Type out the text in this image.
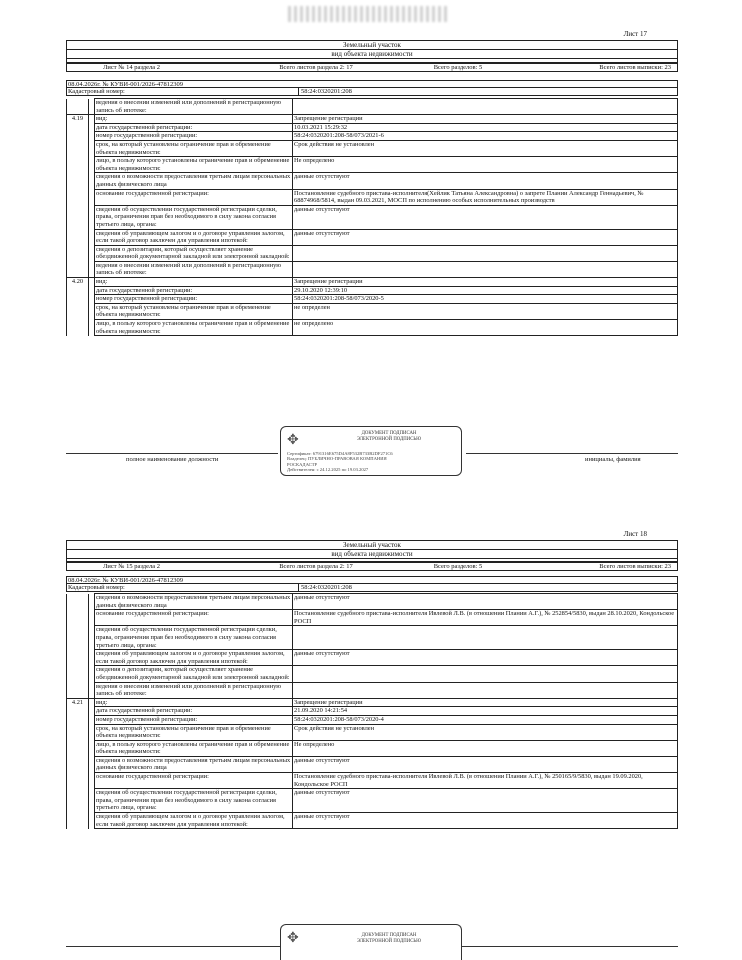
Лист 17
Земельный участок
вид объекта недвижимости
Лист № 14 раздела 2	Всего листов раздела 2: 17	Всего разделов: 5	Всего листов выписки: 23
08.04.2026г. № КУВИ-001/2026-47812309
Кадастровый номер:	58:24:0320201:208
		ведения о внесении изменений или дополнений в регистрационную запись об ипотеке:	
4.19		вид:	Запрещение регистрации
		дата государственной регистрации:	10.03.2021 15:29:32
		номер государственной регистрации:	58:24:0320201:208-58/073/2021-6
		срок, на который установлены ограничение прав и обременение объекта недвижимости:	Срок действия не установлен
		лицо, в пользу которого установлены ограничение прав и обременение объекта недвижимости:	Не определено
		сведения о возможности предоставления третьим лицам персональных данных физического лица	данные отсутствуют
		основание государственной регистрации:	Постановление судебного пристава-исполнителя(Хейлик Татьяна Александровна) о запрете Плании Александр Геннадьевич, № 68874968/5814, выдан 09.03.2021, МОСП по исполнению особых исполнительных производств
		сведения об осуществлении государственной регистрации сделки, права, ограничения прав без необходимого в силу закона согласия третьего лица, органа:	данные отсутствуют
		сведения об управляющем залогом и о договоре управления залогом, если такой договор заключен для управления ипотекой:	данные отсутствуют
		сведения о депозитарии, который осуществляет хранение обездвиженной документарной закладной или электронной закладной:	
		ведения о внесении изменений или дополнений в регистрационную запись об ипотеке:	
4.20		вид:	Запрещение регистрации
		дата государственной регистрации:	29.10.2020 12:39:10
		номер государственной регистрации:	58:24:0320201:208-58/073/2020-5
		срок, на который установлены ограничение прав и обременение объекта недвижимости:	не определен
		лицо, в пользу которого установлены ограничение прав и обременение объекта недвижимости:	не определено
✥	ДОКУМЕНТ ПОДПИСАН
ЭЛЕКТРОННОЙ ПОДПИСЬЮ
Сертификат: 6791316E675D4A8F532B733B2DF271C6
Владелец: ПУБЛИЧНО-ПРАВОВАЯ КОМПАНИЯ
РОСКАДАСТР
Действителен: с 24.12.2025 по 19.03.2027
полное наименование должности	инициалы, фамилия
Лист 18
Земельный участок
вид объекта недвижимости
Лист № 15 раздела 2	Всего листов раздела 2: 17	Всего разделов: 5	Всего листов выписки: 23
08.04.2026г. № КУВИ-001/2026-47812309
Кадастровый номер:	58:24:0320201:208
		сведения о возможности предоставления третьим лицам персональных данных физического лица	данные отсутствуют
		основание государственной регистрации:	Постановление судебного пристава-исполнителя Ивлевой Л.В. (в отношении Плании А.Г.), № 252854/5830, выдан 28.10.2020, Кондольское РОСП
		сведения об осуществлении государственной регистрации сделки, права, ограничения прав без необходимого в силу закона согласия третьего лица, органа:	
		сведения об управляющем залогом и о договоре управления залогом, если такой договор заключен для управления ипотекой:	данные отсутствуют
		сведения о депозитарии, который осуществляет хранение обездвиженной документарной закладной или электронной закладной:	
		ведения о внесении изменений или дополнений в регистрационную запись об ипотеке:	
4.21		вид:	Запрещение регистрации
		дата государственной регистрации:	21.09.2020 14:21:54
		номер государственной регистрации:	58:24:0320201:208-58/073/2020-4
		срок, на который установлены ограничение прав и обременение объекта недвижимости:	Срок действия не установлен
		лицо, в пользу которого установлены ограничение прав и обременение объекта недвижимости:	Не определено
		сведения о возможности предоставления третьим лицам персональных данных физического лица	данные отсутствуют
		основание государственной регистрации:	Постановление судебного пристава-исполнителя Ивлевой Л.В. (в отношении Плании А.Г.), № 250165/9/5830, выдан 19.09.2020, Кондольское РОСП
		сведения об осуществлении государственной регистрации сделки, права, ограничения прав без необходимого в силу закона согласия третьего лица, органа:	данные отсутствуют
		сведения об управляющем залогом и о договоре управления залогом, если такой договор заключен для управления ипотекой:	данные отсутствуют
✥	ДОКУМЕНТ ПОДПИСАН
ЭЛЕКТРОННОЙ ПОДПИСЬЮ
